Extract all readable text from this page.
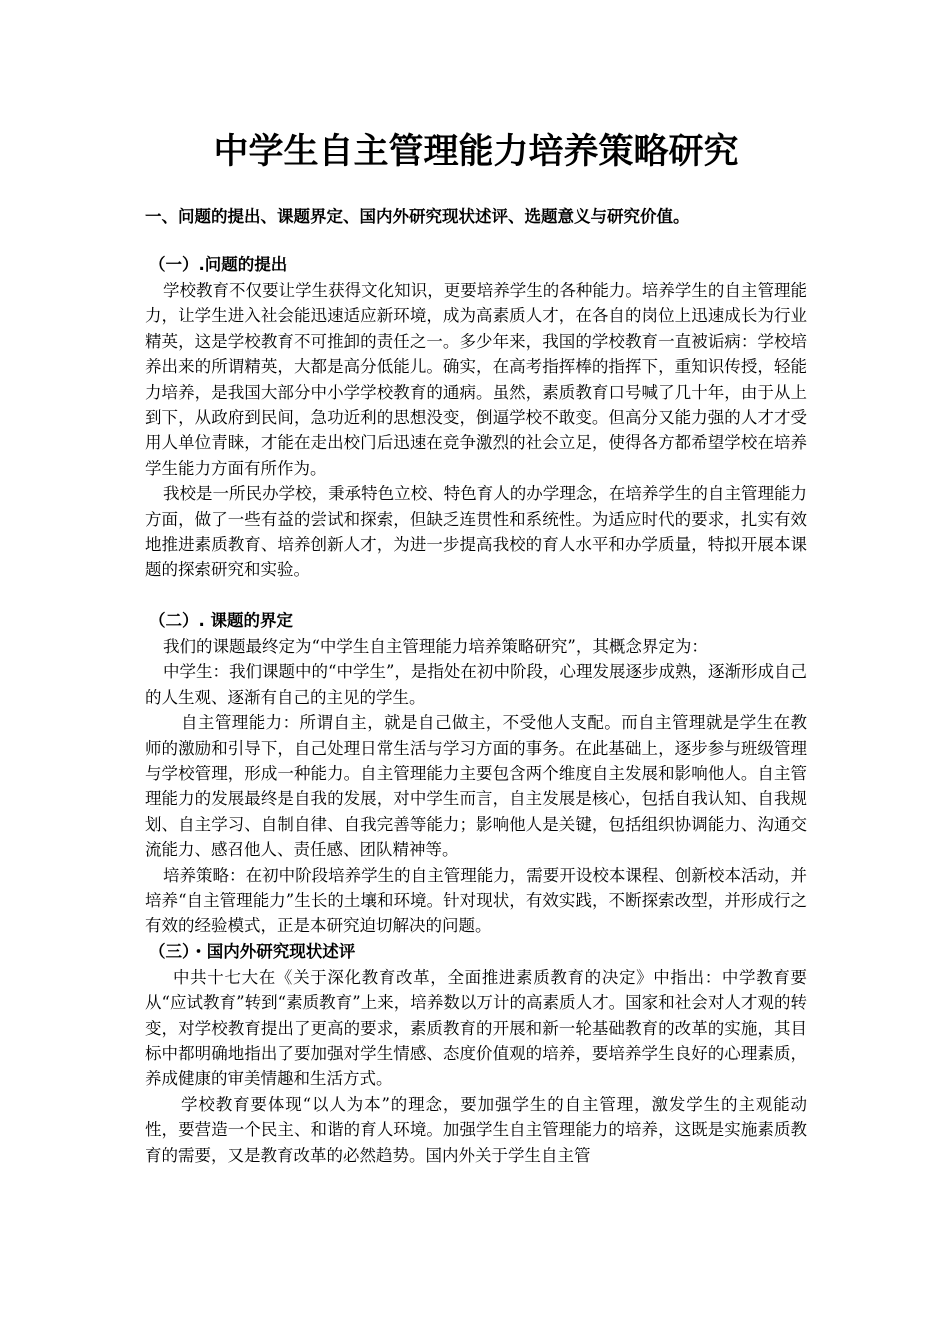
中学生自主管理能力培养策略研究
一、问题的提出、课题界定、国内外研究现状述评、选题意义与研究价值。
（一）.问题的提出

学校教育不仅要让学生获得文化知识，更要培养学生的各种能力。培养学生的自主管理能力，让学生进入社会能迅速适应新环境，成为高素质人才，在各自的岗位上迅速成长为行业精英，这是学校教育不可推卸的责任之一。多少年来，我国的学校教育一直被诟病：学校培养出来的所谓精英，大都是高分低能儿。确实，在高考指挥棒的指挥下，重知识传授，轻能力培养，是我国大部分中小学学校教育的通病。虽然，素质教育口号喊了几十年，由于从上到下，从政府到民间，急功近利的思想没变，倒逼学校不敢变。但高分又能力强的人才才受用人单位青睐，才能在走出校门后迅速在竞争激烈的社会立足，使得各方都希望学校在培养学生能力方面有所作为。

我校是一所民办学校，秉承特色立校、特色育人的办学理念，在培养学生的自主管理能力方面，做了一些有益的尝试和探索，但缺乏连贯性和系统性。为适应时代的要求，扎实有效地推进素质教育、培养创新人才，为进一步提高我校的育人水平和办学质量，特拟开展本课题的探索研究和实验。

（二）. 课题的界定

我们的课题最终定为“中学生自主管理能力培养策略研究”，其概念界定为：

中学生：我们课题中的“中学生”，是指处在初中阶段，心理发展逐步成熟，逐渐形成自己的人生观、逐渐有自己的主见的学生。

自主管理能力：所谓自主，就是自己做主，不受他人支配。而自主管理就是学生在教师的激励和引导下，自己处理日常生活与学习方面的事务。在此基础上，逐步参与班级管理与学校管理，形成一种能力。自主管理能力主要包含两个维度自主发展和影响他人。自主管理能力的发展最终是自我的发展，对中学生而言，自主发展是核心，包括自我认知、自我规划、自主学习、自制自律、自我完善等能力；影响他人是关键，包括组织协调能力、沟通交流能力、感召他人、责任感、团队精神等。

培养策略：在初中阶段培养学生的自主管理能力，需要开设校本课程、创新校本活动，并培养“自主管理能力”生长的土壤和环境。针对现状，有效实践，不断探索改型，并形成行之有效的经验模式，正是本研究迫切解决的问题。

（三）・国内外研究现状述评

中共十七大在《关于深化教育改革，全面推进素质教育的决定》中指出：中学教育要从“应试教育”转到“素质教育”上来，培养数以万计的高素质人才。国家和社会对人才观的转变，对学校教育提出了更高的要求，素质教育的开展和新一轮基础教育的改革的实施，其目标中都明确地指出了要加强对学生情感、态度价值观的培养，要培养学生良好的心理素质，养成健康的审美情趣和生活方式。

学校教育要体现“以人为本”的理念，要加强学生的自主管理，激发学生的主观能动性，要营造一个民主、和谐的育人环境。加强学生自主管理能力的培养，这既是实施素质教育的需要，又是教育改革的必然趋势。国内外关于学生自主管
